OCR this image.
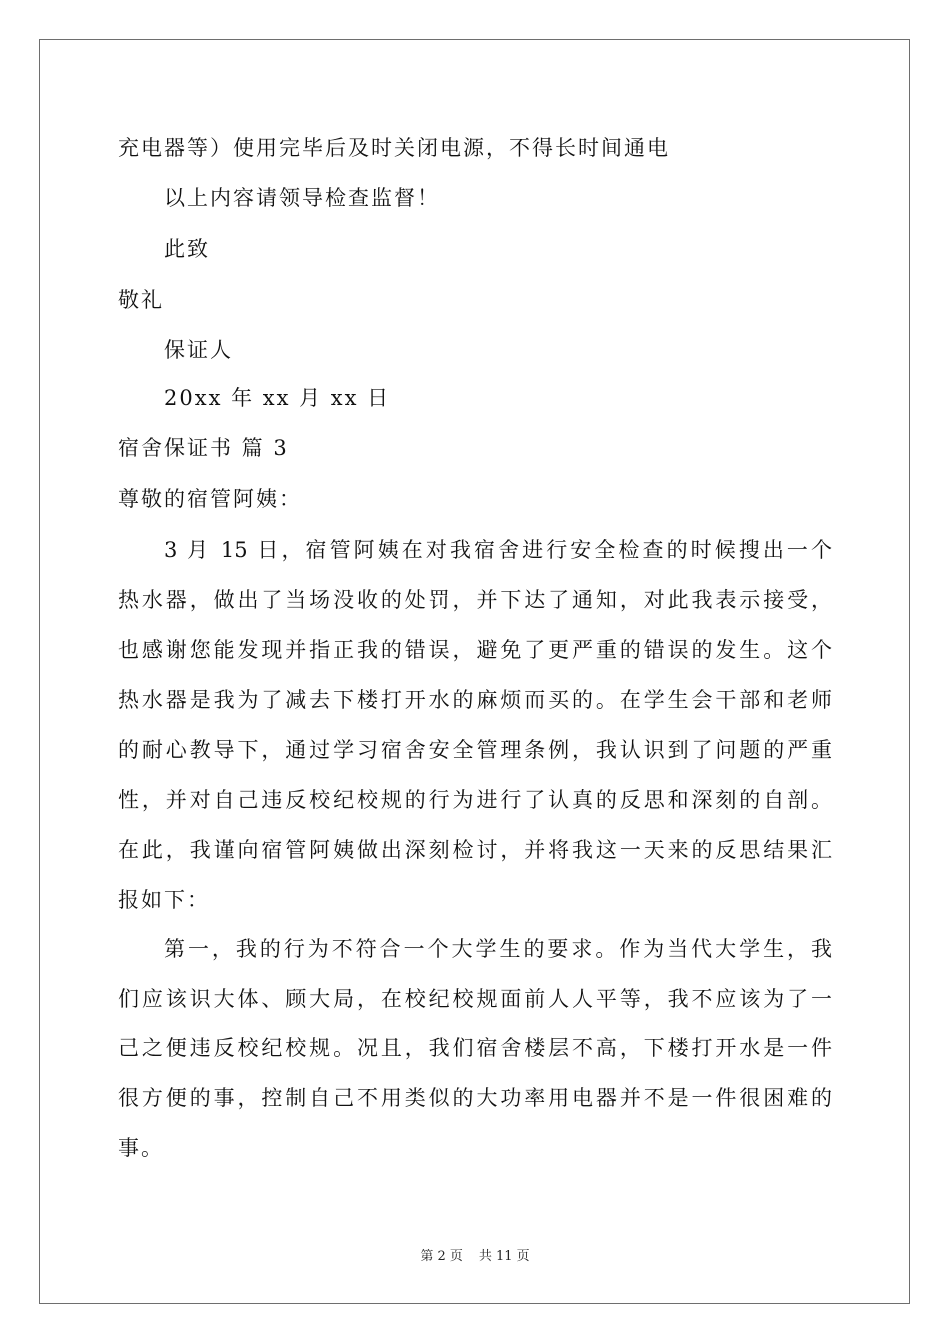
充电器等）使用完毕后及时关闭电源，不得长时间通电
以上内容请领导检查监督！
此致
敬礼
保证人
20xx 年 xx 月 xx 日
宿舍保证书 篇 3
尊敬的宿管阿姨：
3 月 15 日，宿管阿姨在对我宿舍进行安全检查的时候搜出一个
热水器，做出了当场没收的处罚，并下达了通知，对此我表示接受，
也感谢您能发现并指正我的错误，避免了更严重的错误的发生。这个
热水器是我为了减去下楼打开水的麻烦而买的。在学生会干部和老师
的耐心教导下，通过学习宿舍安全管理条例，我认识到了问题的严重
性，并对自己违反校纪校规的行为进行了认真的反思和深刻的自剖。
在此，我谨向宿管阿姨做出深刻检讨，并将我这一天来的反思结果汇
报如下：
第一，我的行为不符合一个大学生的要求。作为当代大学生，我
们应该识大体、顾大局，在校纪校规面前人人平等，我不应该为了一
己之便违反校纪校规。况且，我们宿舍楼层不高，下楼打开水是一件
很方便的事，控制自己不用类似的大功率用电器并不是一件很困难的
事。
第 2 页 共 11 页
